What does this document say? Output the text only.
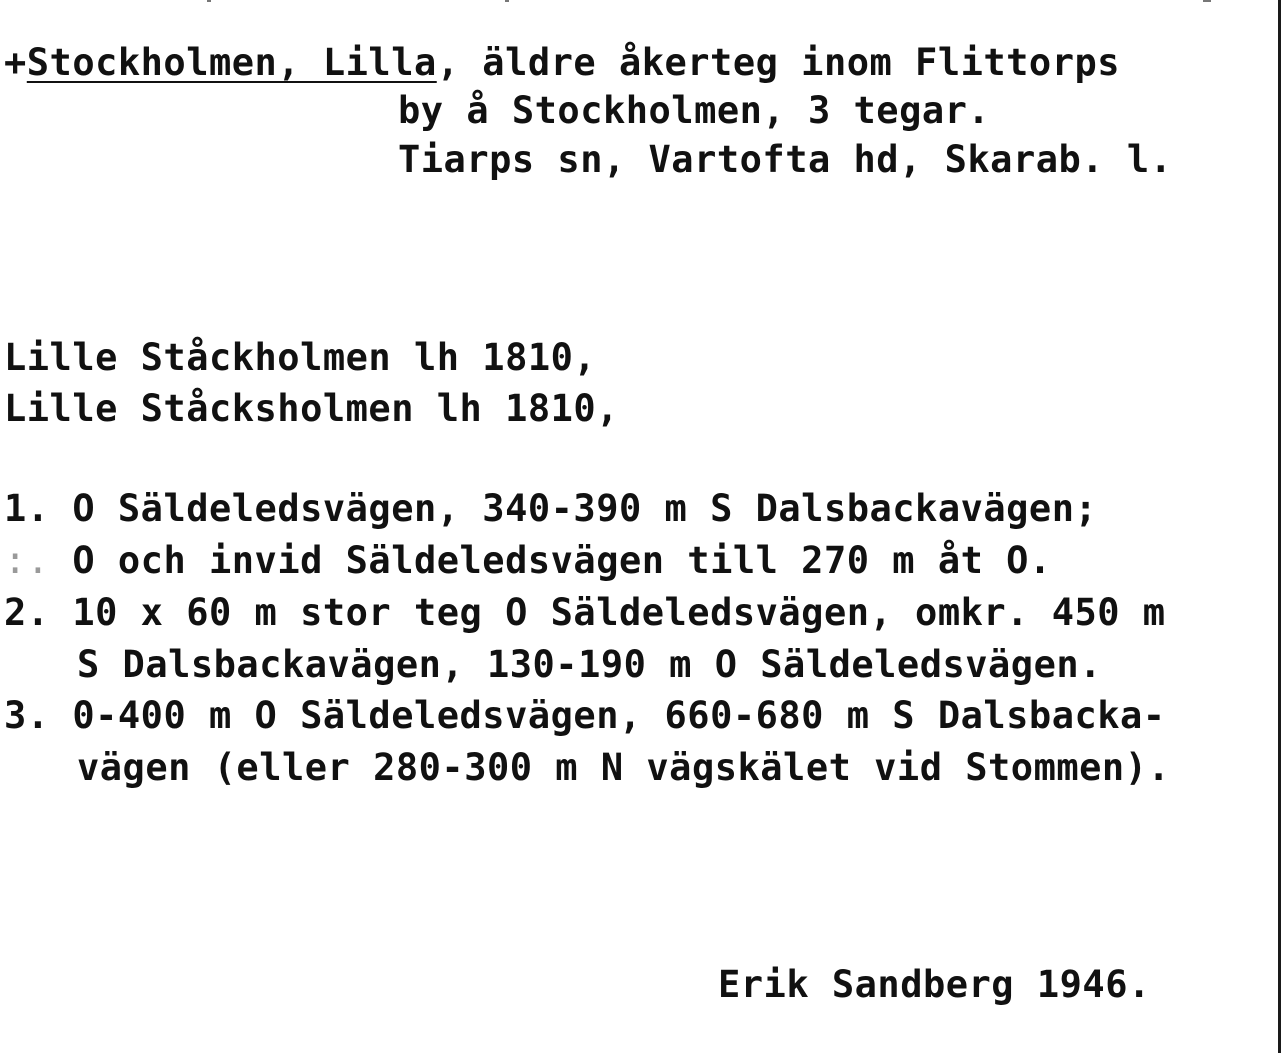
+Stockholmen, Lilla, äldre åkerteg inom Flittorps
by å Stockholmen, 3 tegar.
Tiarps sn, Vartofta hd, Skarab. l.
Lille Ståckholmen lh 1810,
Lille Ståcksholmen lh 1810,
1. O Säldeledsvägen, 340-390 m S Dalsbackavägen;
:. O och invid Säldeledsvägen till 270 m åt O.
2. 10 x 60 m stor teg O Säldeledsvägen, omkr. 450 m
S Dalsbackavägen, 130-190 m O Säldeledsvägen.
3. 0-400 m O Säldeledsvägen, 660-680 m S Dalsbacka-
vägen (eller 280-300 m N vägskälet vid Stommen).
Erik Sandberg 1946.
